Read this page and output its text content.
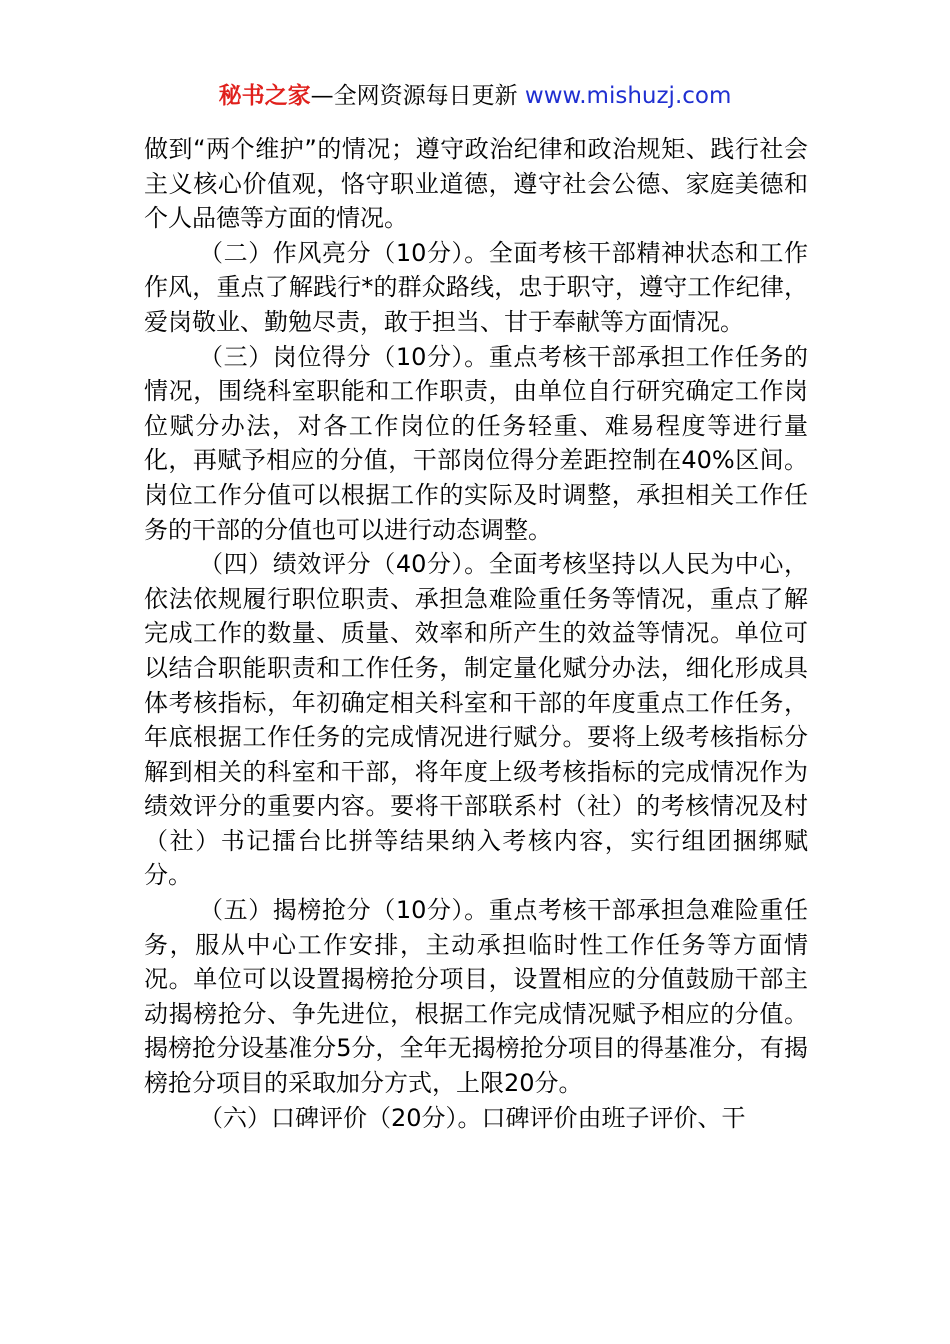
秘书之家—全网资源每日更新 www.mishuzj.com

做到“两个维护”的情况；遵守政治纪律和政治规矩、践行社会主义核心价值观，恪守职业道德，遵守社会公德、家庭美德和个人品德等方面的情况。

（二）作风亮分（10分）。全面考核干部精神状态和工作作风，重点了解践行*的群众路线，忠于职守，遵守工作纪律，爱岗敬业、勤勉尽责，敢于担当、甘于奉献等方面情况。

（三）岗位得分（10分）。重点考核干部承担工作任务的情况，围绕科室职能和工作职责，由单位自行研究确定工作岗位赋分办法，对各工作岗位的任务轻重、难易程度等进行量化，再赋予相应的分值，干部岗位得分差距控制在40%区间。岗位工作分值可以根据工作的实际及时调整，承担相关工作任务的干部的分值也可以进行动态调整。

（四）绩效评分（40分）。全面考核坚持以人民为中心，依法依规履行职位职责、承担急难险重任务等情况，重点了解完成工作的数量、质量、效率和所产生的效益等情况。单位可以结合职能职责和工作任务，制定量化赋分办法，细化形成具体考核指标，年初确定相关科室和干部的年度重点工作任务，年底根据工作任务的完成情况进行赋分。要将上级考核指标分解到相关的科室和干部，将年度上级考核指标的完成情况作为绩效评分的重要内容。要将干部联系村（社）的考核情况及村（社）书记擂台比拼等结果纳入考核内容，实行组团捆绑赋分。

（五）揭榜抢分（10分）。重点考核干部承担急难险重任务，服从中心工作安排，主动承担临时性工作任务等方面情况。单位可以设置揭榜抢分项目，设置相应的分值鼓励干部主动揭榜抢分、争先进位，根据工作完成情况赋予相应的分值。揭榜抢分设基准分5分，全年无揭榜抢分项目的得基准分，有揭榜抢分项目的采取加分方式，上限20分。

（六）口碑评价（20分）。口碑评价由班子评价、干
